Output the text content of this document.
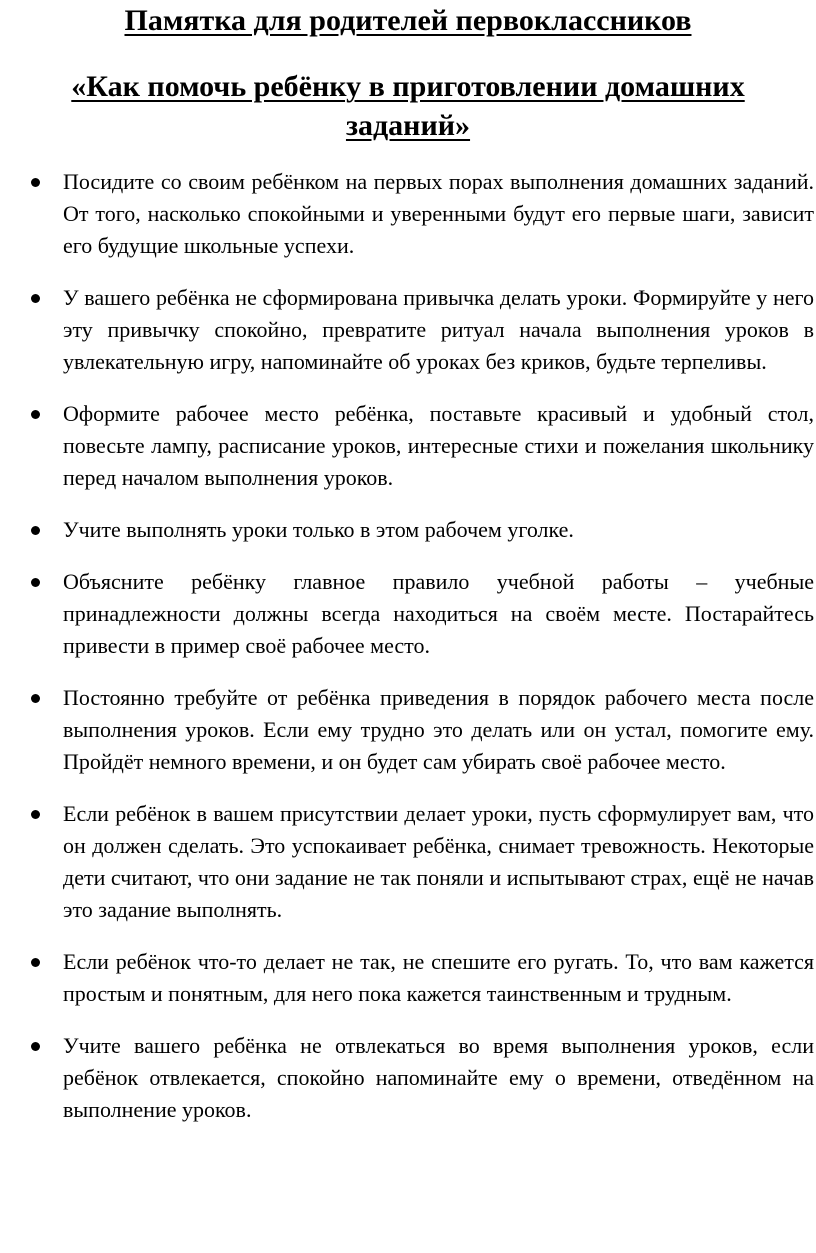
Памятка для родителей первоклассников
«Как помочь ребёнку в приготовлении домашних заданий»
Посидите со своим ребёнком на первых порах выполнения домашних заданий. От того, насколько спокойными и уверенными будут его первые шаги, зависит его будущие школьные успехи.
У вашего ребёнка не сформирована привычка делать уроки. Формируйте у него эту привычку спокойно, превратите ритуал начала выполнения уроков в увлекательную игру, напоминайте об уроках без криков, будьте терпеливы.
Оформите рабочее место ребёнка, поставьте красивый и удобный стол, повесьте лампу, расписание уроков, интересные стихи и пожелания школьнику перед началом выполнения уроков.
Учите выполнять уроки только в этом рабочем уголке.
Объясните ребёнку главное правило учебной работы – учебные принадлежности должны всегда находиться на своём месте. Постарайтесь привести в пример своё рабочее место.
Постоянно требуйте от ребёнка приведения в порядок рабочего места после выполнения уроков. Если ему трудно это делать или он устал, помогите ему. Пройдёт немного времени, и он будет сам убирать своё рабочее место.
Если ребёнок в вашем присутствии делает уроки, пусть сформулирует вам, что он должен сделать. Это успокаивает ребёнка, снимает тревожность. Некоторые дети считают, что они задание не так поняли и испытывают страх, ещё не начав это задание выполнять.
Если ребёнок что-то делает не так, не спешите его ругать. То, что вам кажется простым и понятным, для него пока кажется таинственным и трудным.
Учите вашего ребёнка не отвлекаться во время выполнения уроков, если ребёнок отвлекается, спокойно напоминайте ему о времени, отведённом на выполнение уроков.
